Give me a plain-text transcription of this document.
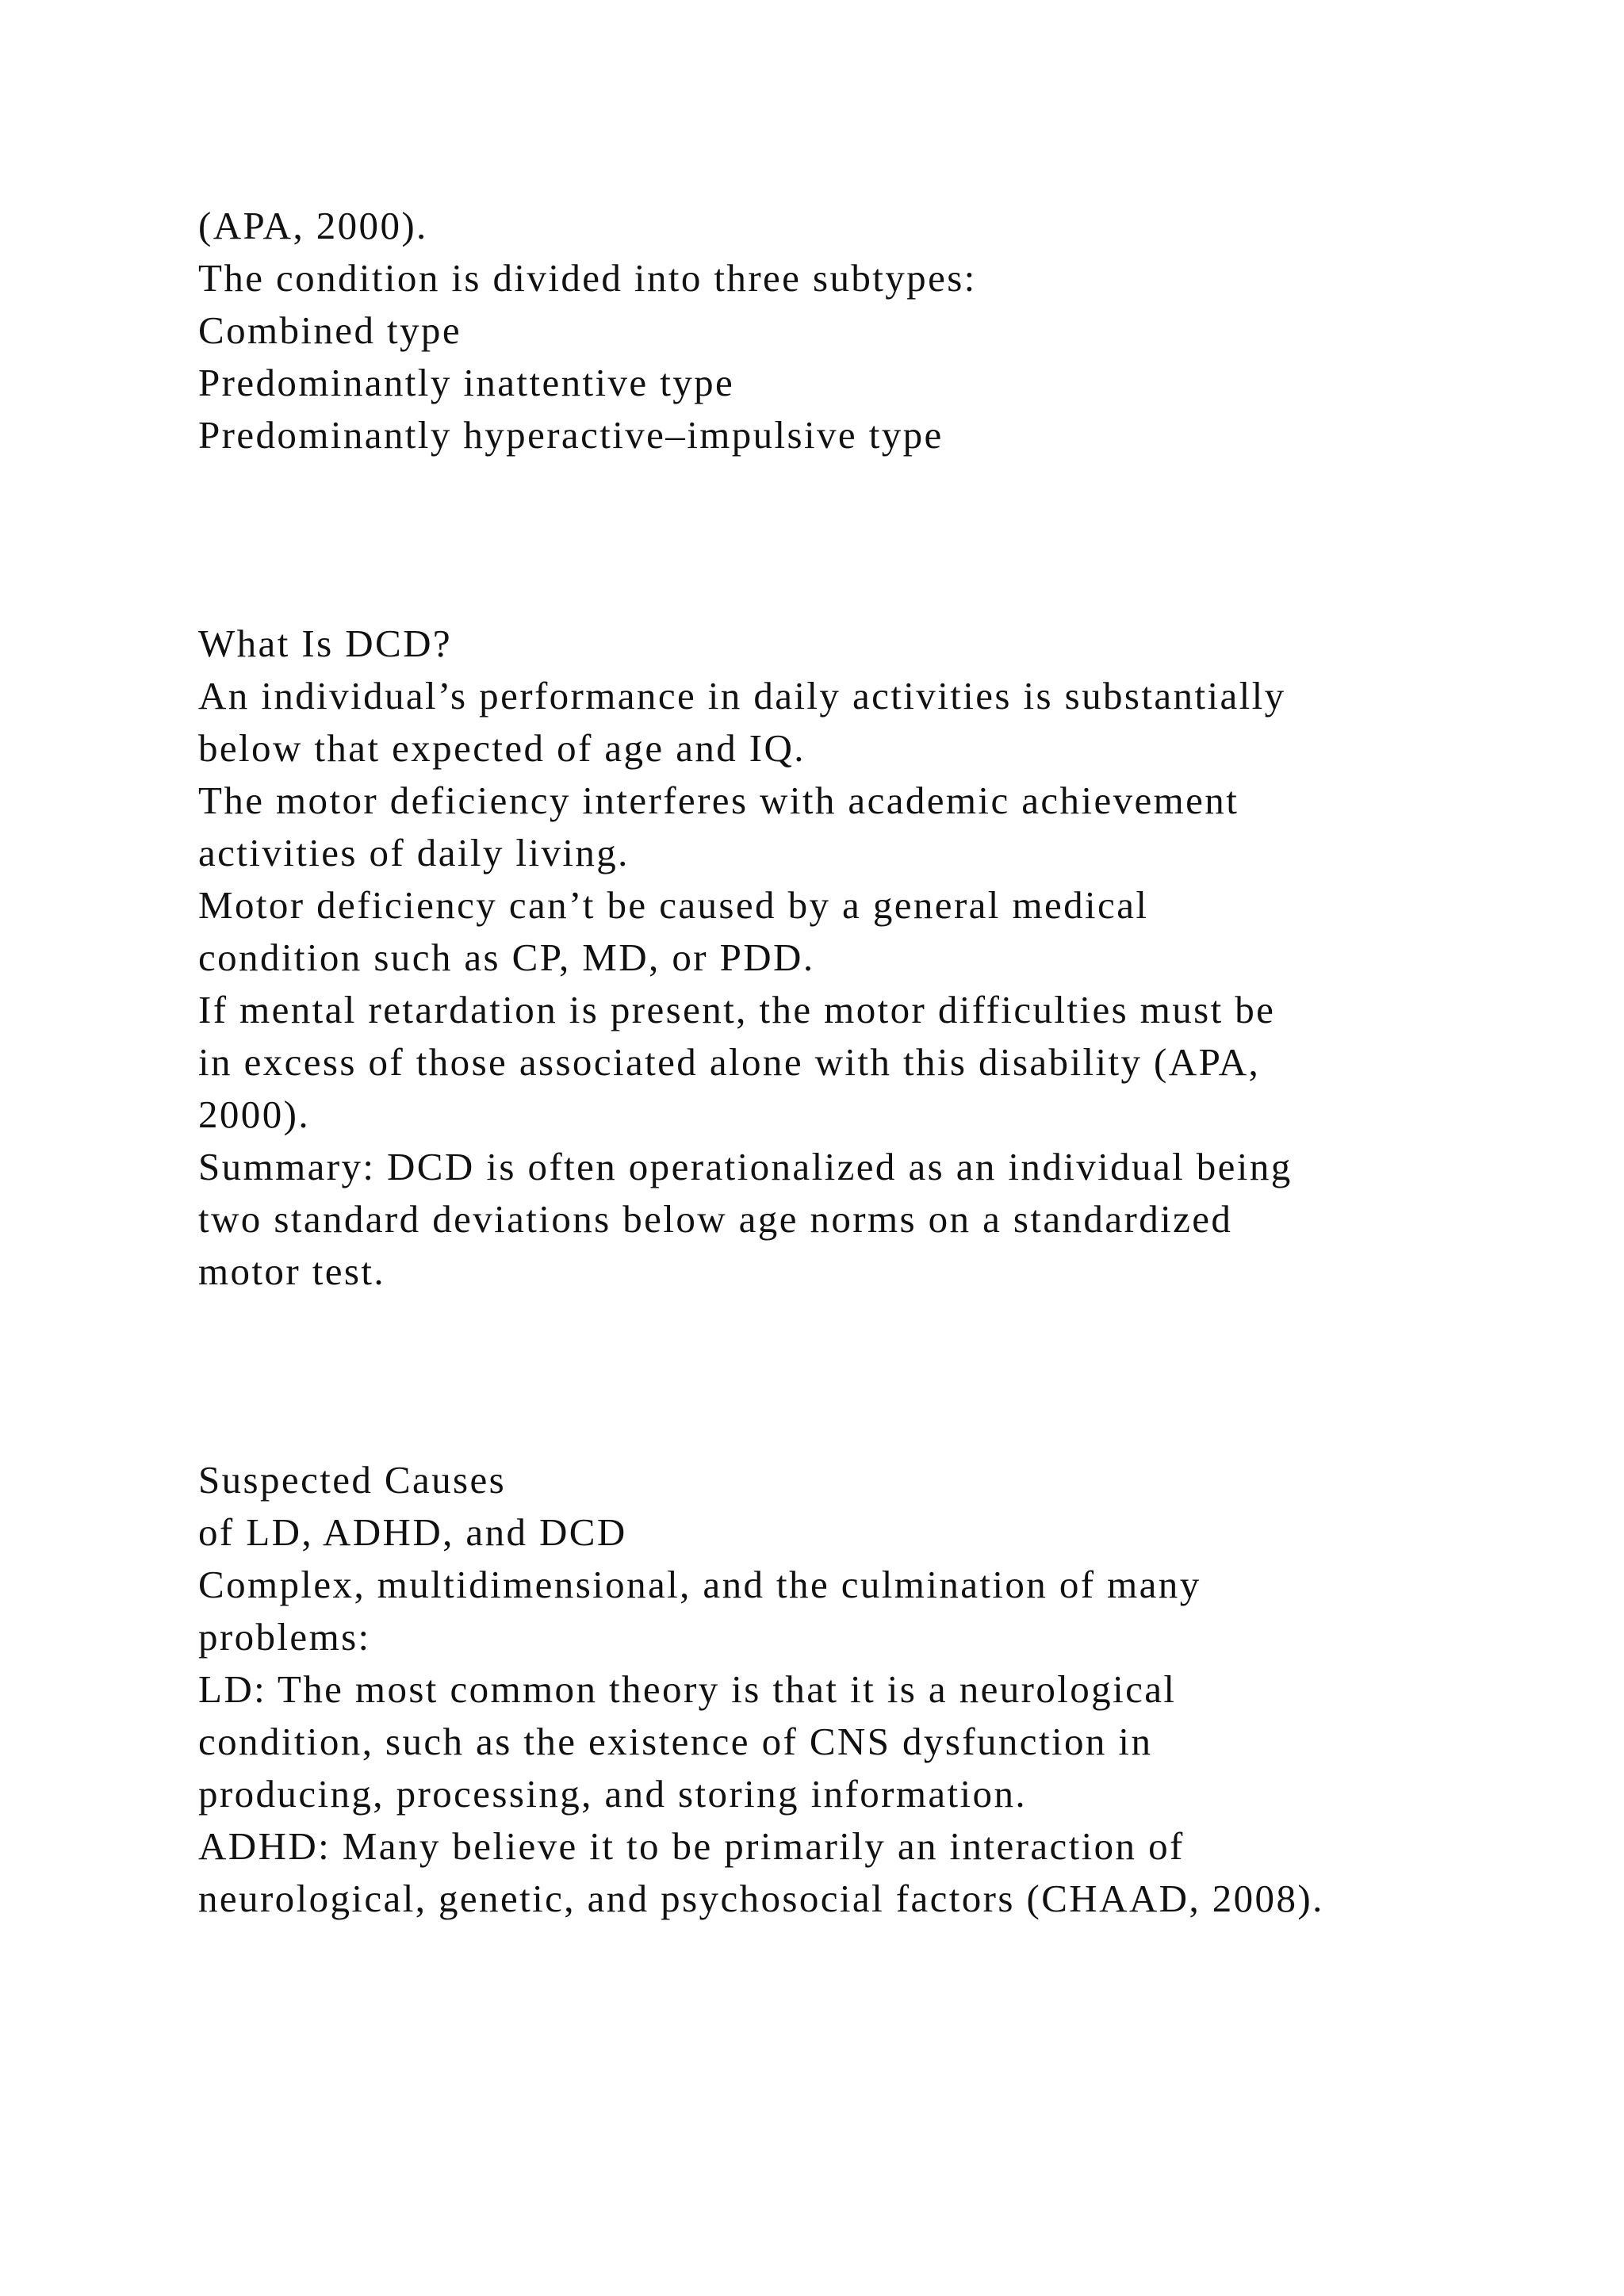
(APA, 2000).
The condition is divided into three subtypes:
Combined type
Predominantly inattentive type
Predominantly hyperactive–impulsive type
What Is DCD?
An individual’s performance in daily activities is substantially
below that expected of age and IQ.
The motor deficiency interferes with academic achievement
activities of daily living.
Motor deficiency can’t be caused by a general medical
condition such as CP, MD, or PDD.
If mental retardation is present, the motor difficulties must be
in excess of those associated alone with this disability (APA,
2000).
Summary: DCD is often operationalized as an individual being
two standard deviations below age norms on a standardized
motor test.
Suspected Causes
of LD, ADHD, and DCD
Complex, multidimensional, and the culmination of many
problems:
LD: The most common theory is that it is a neurological
condition, such as the existence of CNS dysfunction in
producing, processing, and storing information.
ADHD: Many believe it to be primarily an interaction of
neurological, genetic, and psychosocial factors (CHAAD, 2008).
